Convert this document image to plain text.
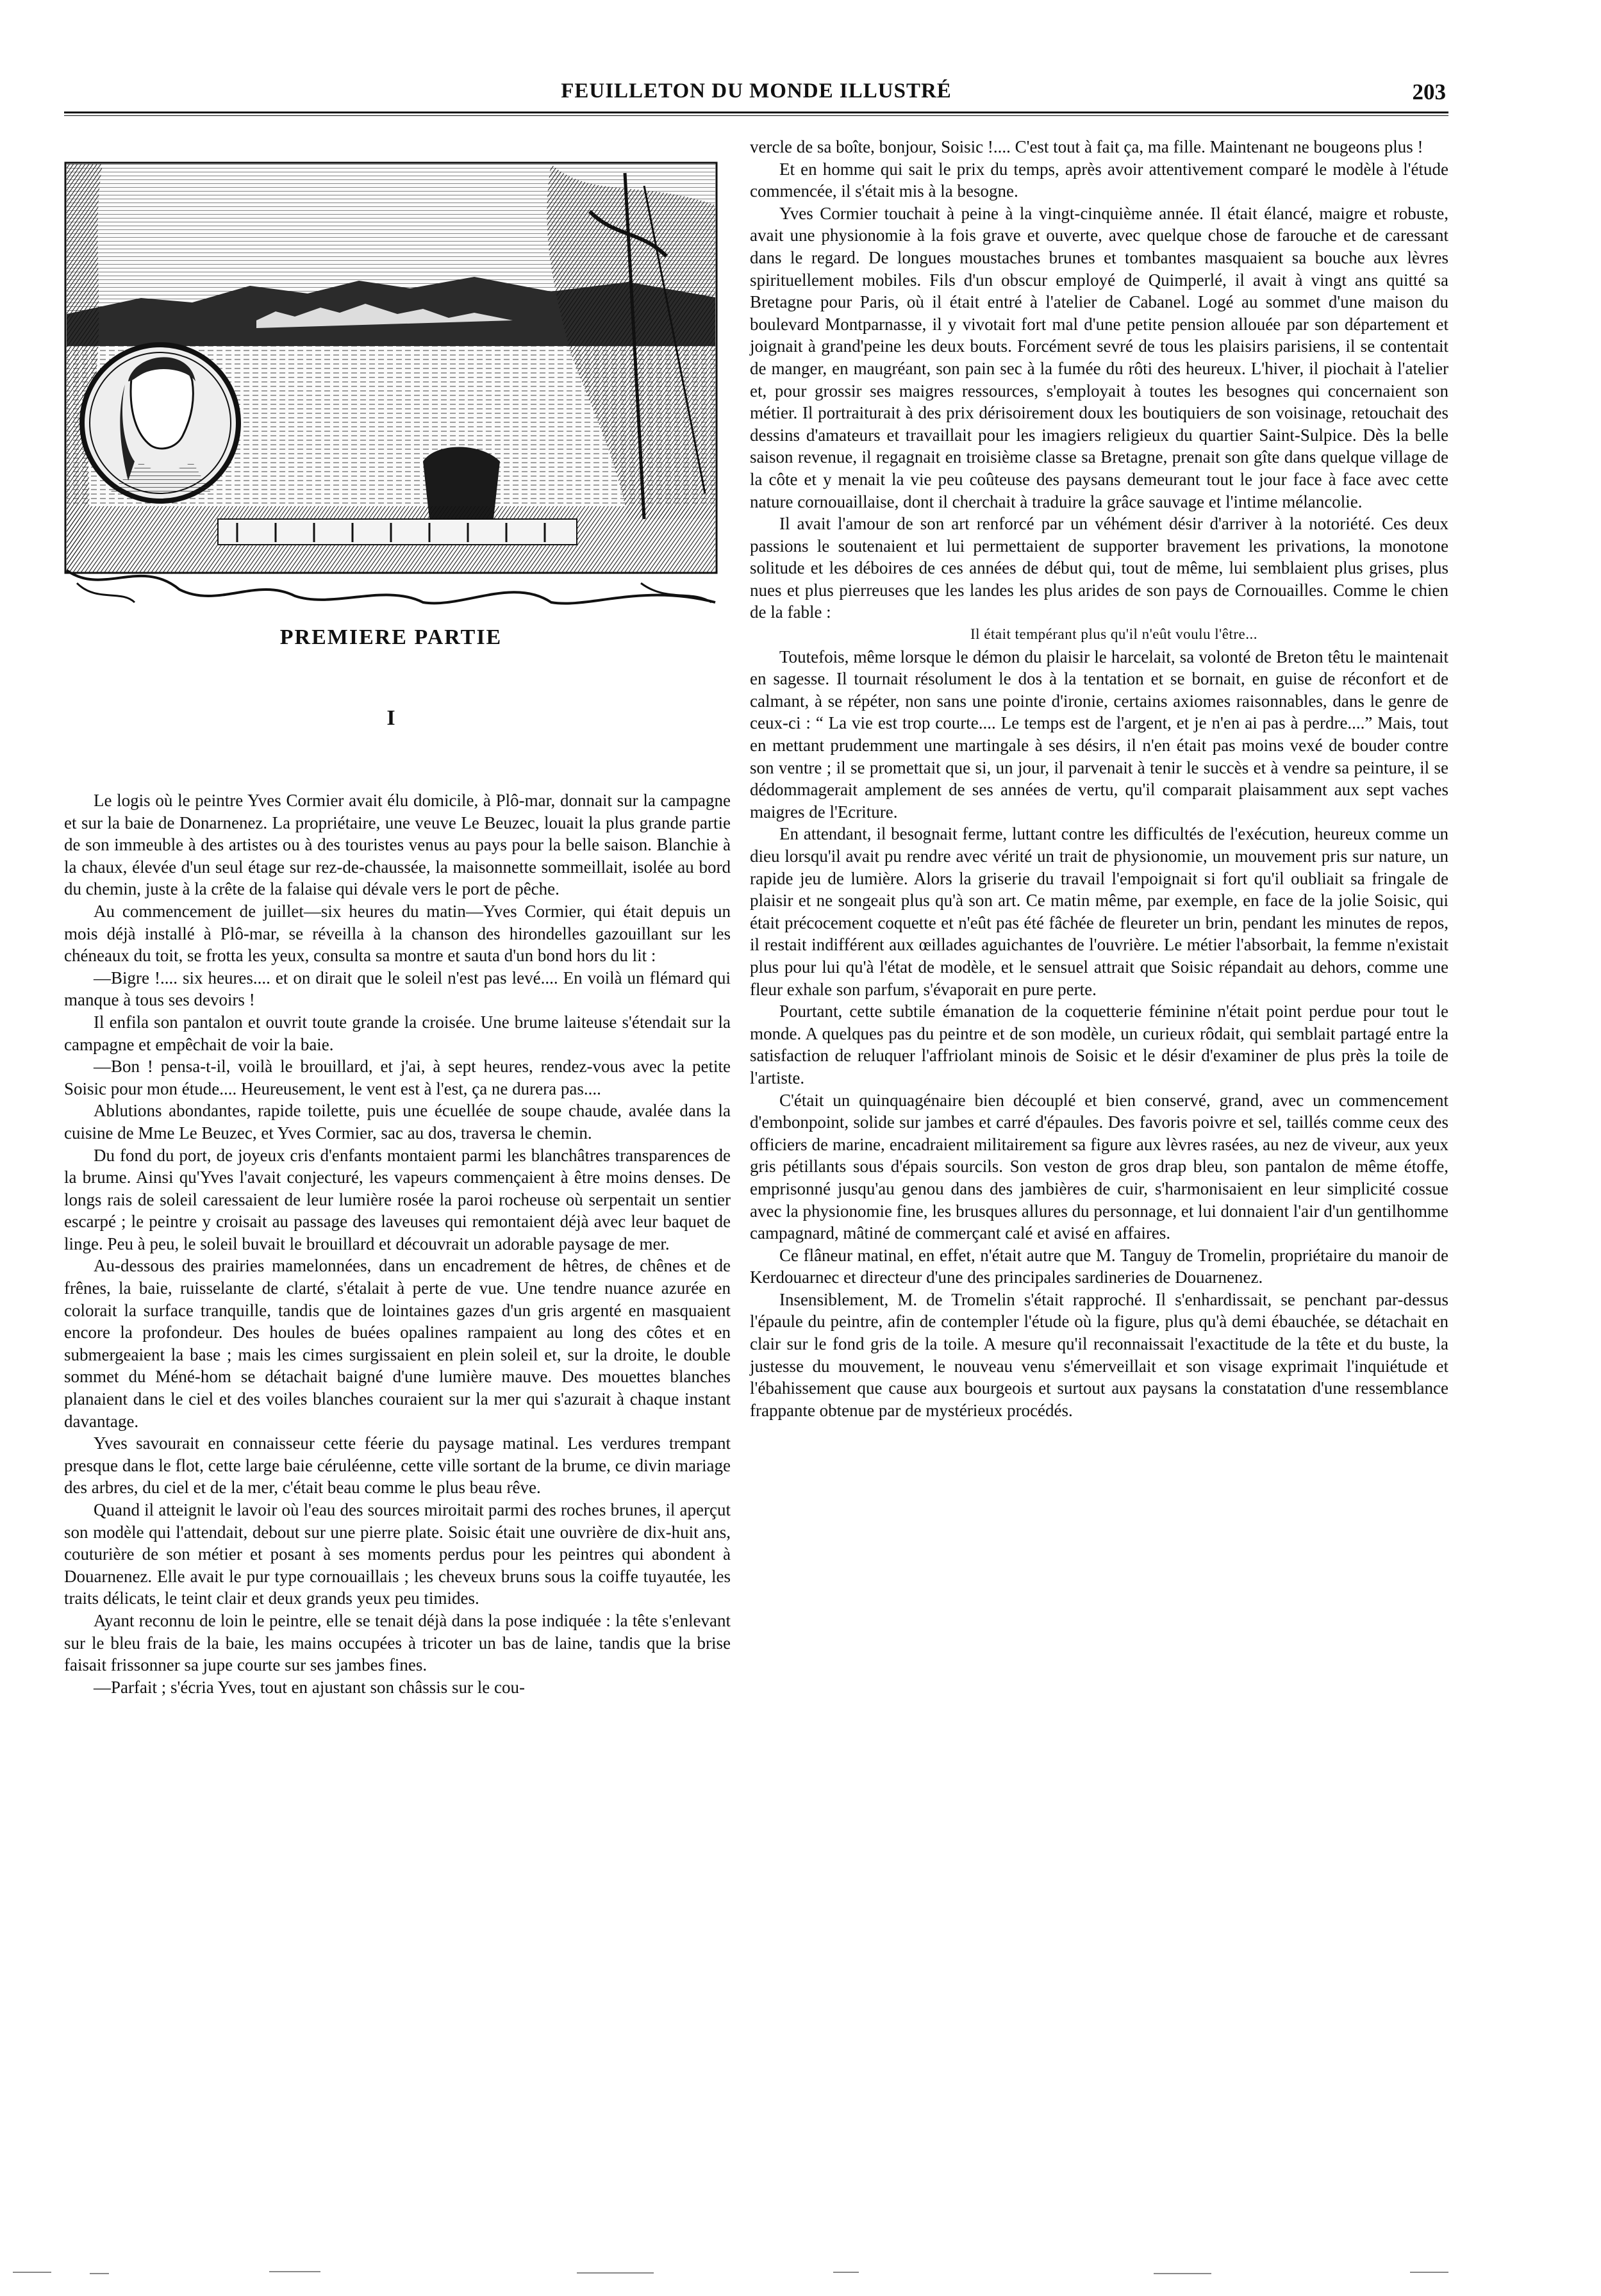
FEUILLETON DU MONDE ILLUSTRÉ	203
PREMIERE PARTIE
I

Le logis où le peintre Yves Cormier avait élu domicile, à Plô-mar, donnait sur la campagne et sur la baie de Donarnenez. La propriétaire, une veuve Le Beuzec, louait la plus grande partie de son immeuble à des artistes ou à des touristes venus au pays pour la belle saison. Blanchie à la chaux, élevée d'un seul étage sur rez-de-chaussée, la maisonnette sommeillait, isolée au bord du chemin, juste à la crête de la falaise qui dévale vers le port de pêche.

Au commencement de juillet—six heures du matin—Yves Cormier, qui était depuis un mois déjà installé à Plô-mar, se réveilla à la chanson des hirondelles gazouillant sur les chéneaux du toit, se frotta les yeux, consulta sa montre et sauta d'un bond hors du lit :

—Bigre !.... six heures.... et on dirait que le soleil n'est pas levé.... En voilà un flémard qui manque à tous ses devoirs !

Il enfila son pantalon et ouvrit toute grande la croisée. Une brume laiteuse s'étendait sur la campagne et empêchait de voir la baie.

—Bon ! pensa-t-il, voilà le brouillard, et j'ai, à sept heures, rendez-vous avec la petite Soisic pour mon étude.... Heureusement, le vent est à l'est, ça ne durera pas....

Ablutions abondantes, rapide toilette, puis une écuellée de soupe chaude, avalée dans la cuisine de Mme Le Beuzec, et Yves Cormier, sac au dos, traversa le chemin.

Du fond du port, de joyeux cris d'enfants montaient parmi les blanchâtres transparences de la brume. Ainsi qu'Yves l'avait conjecturé, les vapeurs commençaient à être moins denses. De longs rais de soleil caressaient de leur lumière rosée la paroi rocheuse où serpentait un sentier escarpé ; le peintre y croisait au passage des laveuses qui remontaient déjà avec leur baquet de linge. Peu à peu, le soleil buvait le brouillard et découvrait un adorable paysage de mer.

Au-dessous des prairies mamelonnées, dans un encadrement de hêtres, de chênes et de frênes, la baie, ruisselante de clarté, s'étalait à perte de vue. Une tendre nuance azurée en colorait la surface tranquille, tandis que de lointaines gazes d'un gris argenté en masquaient encore la profondeur. Des houles de buées opalines rampaient au long des côtes et en submergeaient la base ; mais les cimes surgissaient en plein soleil et, sur la droite, le double sommet du Méné-hom se détachait baigné d'une lumière mauve. Des mouettes blanches planaient dans le ciel et des voiles blanches couraient sur la mer qui s'azurait à chaque instant davantage.

Yves savourait en connaisseur cette féerie du paysage matinal. Les verdures trempant presque dans le flot, cette large baie céruléenne, cette ville sortant de la brume, ce divin mariage des arbres, du ciel et de la mer, c'était beau comme le plus beau rêve.

Quand il atteignit le lavoir où l'eau des sources miroitait parmi des roches brunes, il aperçut son modèle qui l'attendait, debout sur une pierre plate. Soisic était une ouvrière de dix-huit ans, couturière de son métier et posant à ses moments perdus pour les peintres qui abondent à Douarnenez. Elle avait le pur type cornouaillais ; les cheveux bruns sous la coiffe tuyautée, les traits délicats, le teint clair et deux grands yeux peu timides.

Ayant reconnu de loin le peintre, elle se tenait déjà dans la pose indiquée : la tête s'enlevant sur le bleu frais de la baie, les mains occupées à tricoter un bas de laine, tandis que la brise faisait frissonner sa jupe courte sur ses jambes fines.

—Parfait ; s'écria Yves, tout en ajustant son châssis sur le cou-

vercle de sa boîte, bonjour, Soisic !.... C'est tout à fait ça, ma fille. Maintenant ne bougeons plus !

Et en homme qui sait le prix du temps, après avoir attentivement comparé le modèle à l'étude commencée, il s'était mis à la besogne.

Yves Cormier touchait à peine à la vingt-cinquième année. Il était élancé, maigre et robuste, avait une physionomie à la fois grave et ouverte, avec quelque chose de farouche et de caressant dans le regard. De longues moustaches brunes et tombantes masquaient sa bouche aux lèvres spirituellement mobiles. Fils d'un obscur employé de Quimperlé, il avait à vingt ans quitté sa Bretagne pour Paris, où il était entré à l'atelier de Cabanel. Logé au sommet d'une maison du boulevard Montparnasse, il y vivotait fort mal d'une petite pension allouée par son département et joignait à grand'peine les deux bouts. Forcément sevré de tous les plaisirs parisiens, il se contentait de manger, en maugréant, son pain sec à la fumée du rôti des heureux. L'hiver, il piochait à l'atelier et, pour grossir ses maigres ressources, s'employait à toutes les besognes qui concernaient son métier. Il portraiturait à des prix dérisoirement doux les boutiquiers de son voisinage, retouchait des dessins d'amateurs et travaillait pour les imagiers religieux du quartier Saint-Sulpice. Dès la belle saison revenue, il regagnait en troisième classe sa Bretagne, prenait son gîte dans quelque village de la côte et y menait la vie peu coûteuse des paysans demeurant tout le jour face à face avec cette nature cornouaillaise, dont il cherchait à traduire la grâce sauvage et l'intime mélancolie.

Il avait l'amour de son art renforcé par un véhément désir d'arriver à la notoriété. Ces deux passions le soutenaient et lui permettaient de supporter bravement les privations, la monotone solitude et les déboires de ces années de début qui, tout de même, lui semblaient plus grises, plus nues et plus pierreuses que les landes les plus arides de son pays de Cornouailles. Comme le chien de la fable :

Il était tempérant plus qu'il n'eût voulu l'être...

Toutefois, même lorsque le démon du plaisir le harcelait, sa volonté de Breton têtu le maintenait en sagesse. Il tournait résolument le dos à la tentation et se bornait, en guise de réconfort et de calmant, à se répéter, non sans une pointe d'ironie, certains axiomes raisonnables, dans le genre de ceux-ci : “ La vie est trop courte.... Le temps est de l'argent, et je n'en ai pas à perdre....” Mais, tout en mettant prudemment une martingale à ses désirs, il n'en était pas moins vexé de bouder contre son ventre ; il se promettait que si, un jour, il parvenait à tenir le succès et à vendre sa peinture, il se dédommagerait amplement de ses années de vertu, qu'il comparait plaisamment aux sept vaches maigres de l'Ecriture.

En attendant, il besognait ferme, luttant contre les difficultés de l'exécution, heureux comme un dieu lorsqu'il avait pu rendre avec vérité un trait de physionomie, un mouvement pris sur nature, un rapide jeu de lumière. Alors la griserie du travail l'empoignait si fort qu'il oubliait sa fringale de plaisir et ne songeait plus qu'à son art. Ce matin même, par exemple, en face de la jolie Soisic, qui était précocement coquette et n'eût pas été fâchée de fleureter un brin, pendant les minutes de repos, il restait indifférent aux œillades aguichantes de l'ouvrière. Le métier l'absorbait, la femme n'existait plus pour lui qu'à l'état de modèle, et le sensuel attrait que Soisic répandait au dehors, comme une fleur exhale son parfum, s'évaporait en pure perte.

Pourtant, cette subtile émanation de la coquetterie féminine n'était point perdue pour tout le monde. A quelques pas du peintre et de son modèle, un curieux rôdait, qui semblait partagé entre la satisfaction de reluquer l'affriolant minois de Soisic et le désir d'examiner de plus près la toile de l'artiste.

C'était un quinquagénaire bien découplé et bien conservé, grand, avec un commencement d'embonpoint, solide sur jambes et carré d'épaules. Des favoris poivre et sel, taillés comme ceux des officiers de marine, encadraient militairement sa figure aux lèvres rasées, au nez de viveur, aux yeux gris pétillants sous d'épais sourcils. Son veston de gros drap bleu, son pantalon de même étoffe, emprisonné jusqu'au genou dans des jambières de cuir, s'harmonisaient en leur simplicité cossue avec la physionomie fine, les brusques allures du personnage, et lui donnaient l'air d'un gentilhomme campagnard, mâtiné de commerçant calé et avisé en affaires.

Ce flâneur matinal, en effet, n'était autre que M. Tanguy de Tromelin, propriétaire du manoir de Kerdouarnec et directeur d'une des principales sardineries de Douarnenez.

Insensiblement, M. de Tromelin s'était rapproché. Il s'enhardissait, se penchant par-dessus l'épaule du peintre, afin de contempler l'étude où la figure, plus qu'à demi ébauchée, se détachait en clair sur le fond gris de la toile. A mesure qu'il reconnaissait l'exactitude de la tête et du buste, la justesse du mouvement, le nouveau venu s'émerveillait et son visage exprimait l'inquiétude et l'ébahissement que cause aux bourgeois et surtout aux paysans la constatation d'une ressemblance frappante obtenue par de mystérieux procédés.
